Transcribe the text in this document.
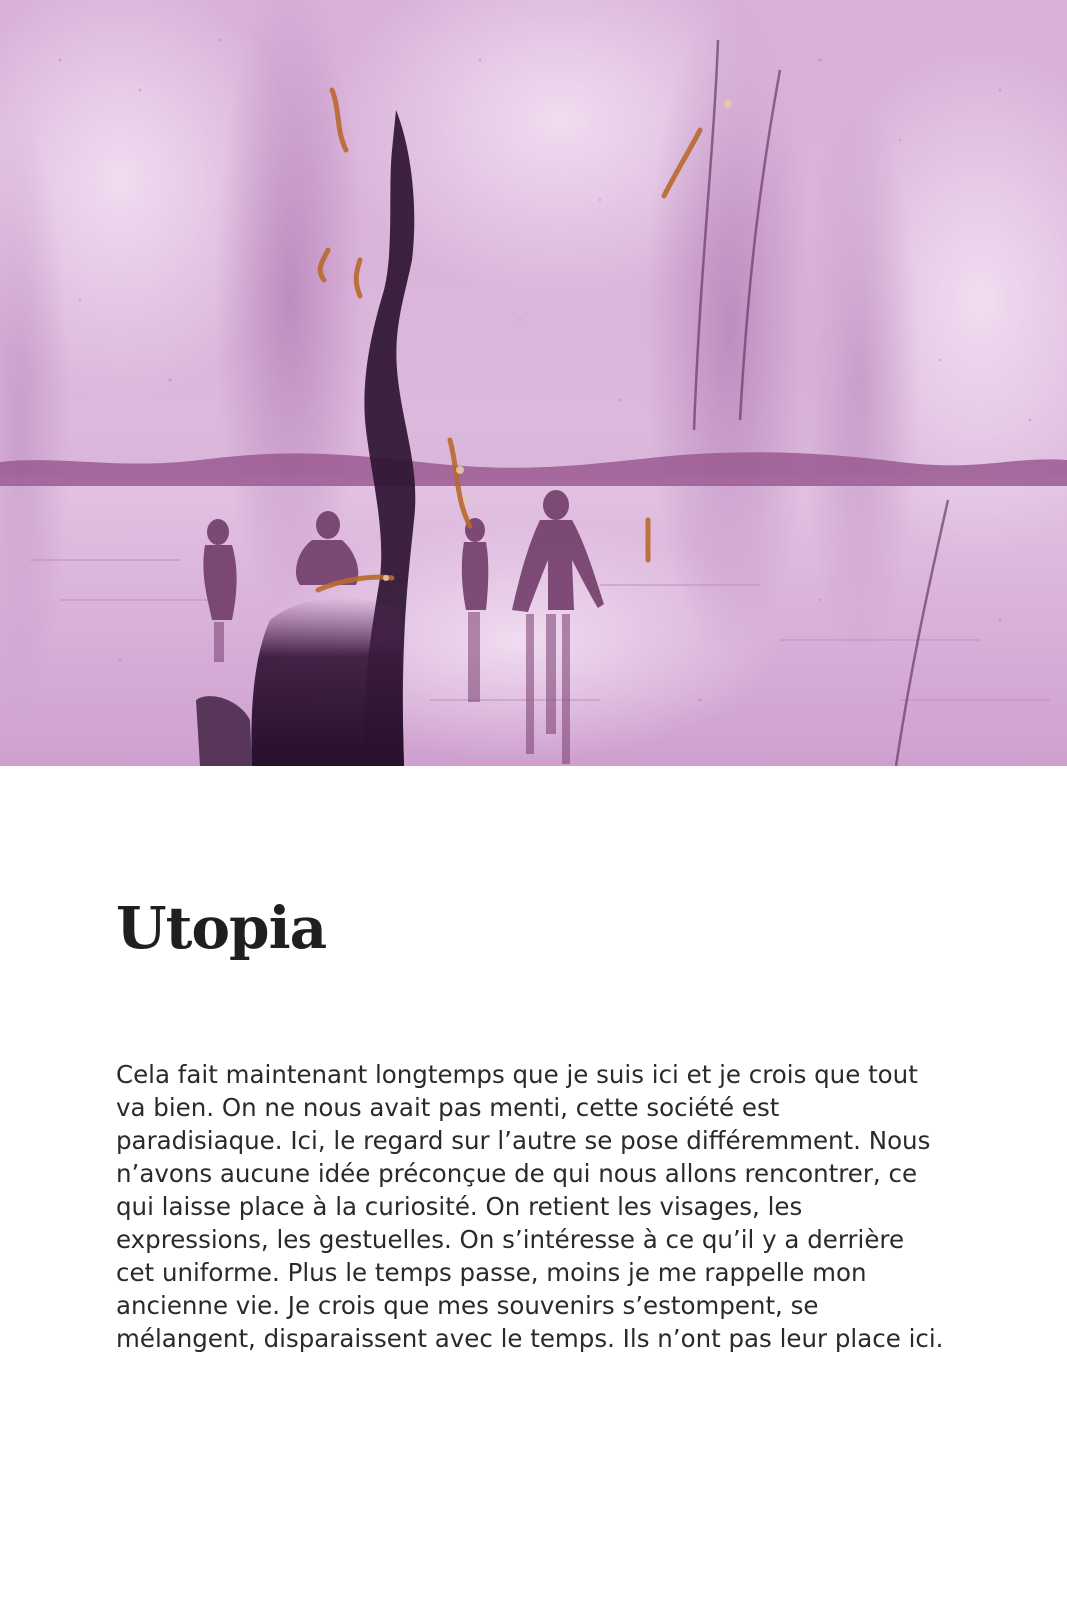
Utopia

Cela fait maintenant longtemps que je suis ici et je crois que tout va bien. On ne nous avait pas menti, cette société est paradisiaque. Ici, le regard sur l’autre se pose différemment. Nous n’avons aucune idée préconçue de qui nous allons rencontrer, ce qui laisse place à la curiosité. On retient les visages, les expressions, les gestuelles. On s’intéresse à ce qu’il y a derrière cet uniforme. Plus le temps passe, moins je me rappelle mon ancienne vie. Je crois que mes souvenirs s’estompent, se mélangent, disparaissent avec le temps. Ils n’ont pas leur place ici.
